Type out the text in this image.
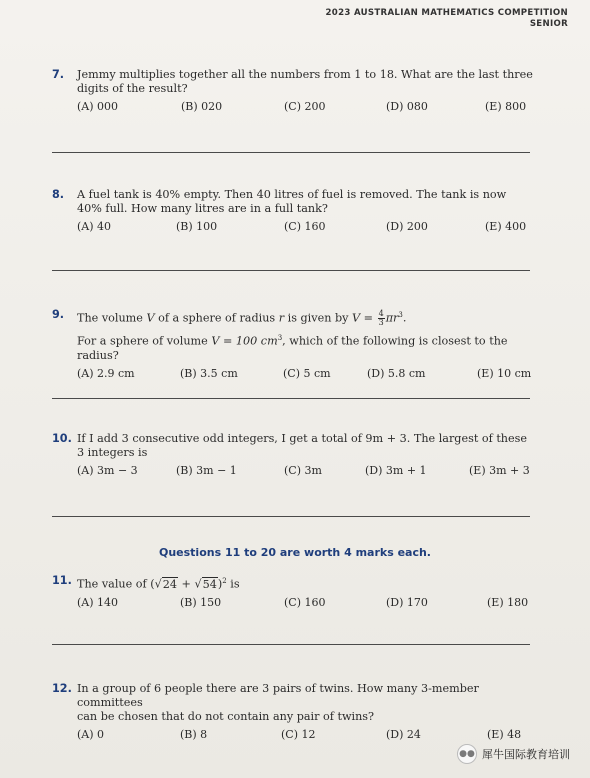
2023 AUSTRALIAN MATHEMATICS COMPETITION
SENIOR
7. Jemmy multiplies together all the numbers from 1 to 18. What are the last three

digits of the result?

(A) 000	(B) 020	(C) 200	(D) 080	(E) 800
8. A fuel tank is 40% empty. Then 40 litres of fuel is removed. The tank is now

40% full. How many litres are in a full tank?

(A) 40	(B) 100	(C) 160	(D) 200	(E) 400
9. The volume V of a sphere of radius r is given by $V = \frac{4}{3} \pi r^3$.

For a sphere of volume V = 100 $cm^3$, which of the following is closest to the radius?

(A) 2.9 cm	(B) 3.5 cm	(C) 5 cm	(D) 5.8 cm	(E) 10 cm
10. If I add 3 consecutive odd integers, I get a total of 9m + 3. The largest of these

3 integers is

(A) 3m − 3	(B) 3m − 1	(C) 3m	(D) 3m + 1	(E) 3m + 3
Questions 11 to 20 are worth 4 marks each.
11. The value of $(√24 + √54)^2$ is

(A) 140	(B) 150	(C) 160	(D) 170	(E) 180
12. In a group of 6 people there are 3 pairs of twins. How many 3-member committees

can be chosen that do not contain any pair of twins?

(A) 0	(B) 8	(C) 12	(D) 24	(E) 48
●● 犀牛国际教育培训
